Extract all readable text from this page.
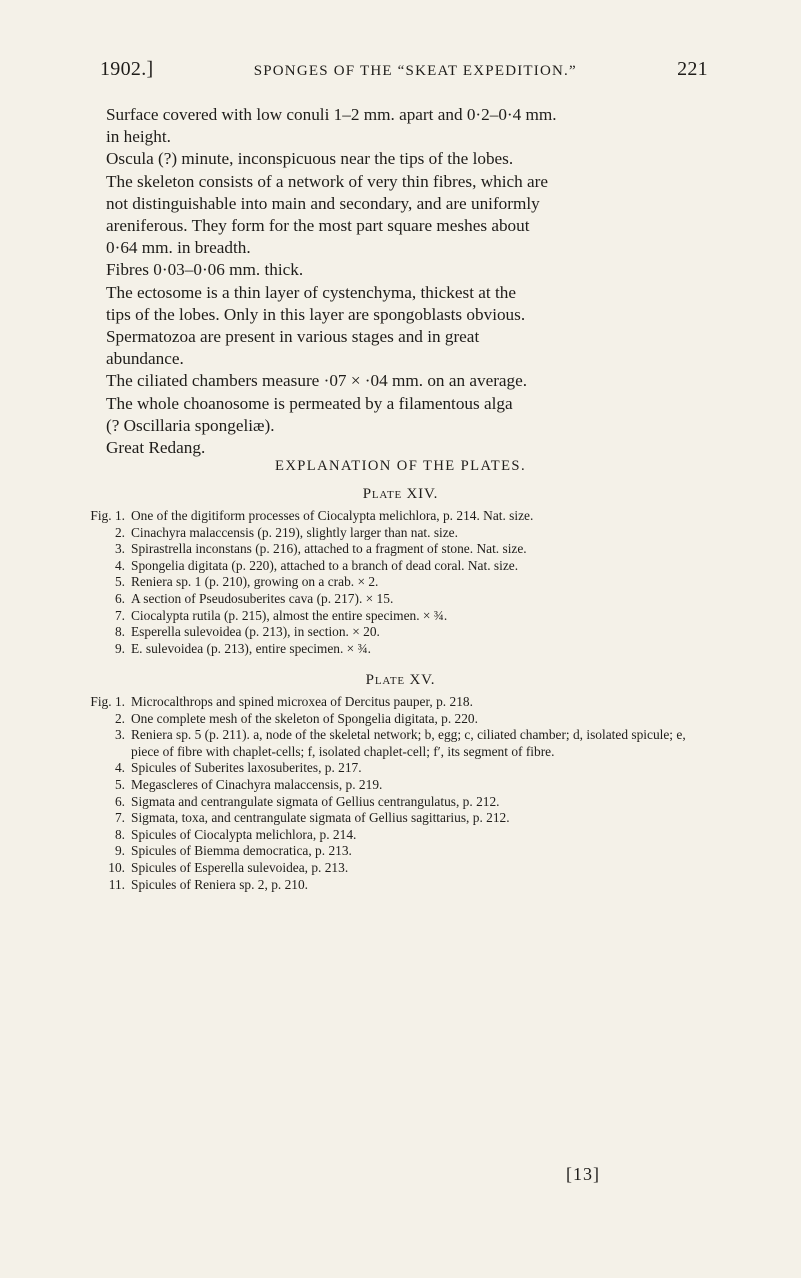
1902.]	SPONGES OF THE “SKEAT EXPEDITION.”	221

Surface covered with low conuli 1–2 mm. apart and 0·2–0·4 mm.

in height.

Oscula (?) minute, inconspicuous near the tips of the lobes.

The skeleton consists of a network of very thin fibres, which are

not distinguishable into main and secondary, and are uniformly

areniferous. They form for the most part square meshes about

0·64 mm. in breadth.

Fibres 0·03–0·06 mm. thick.

The ectosome is a thin layer of cystenchyma, thickest at the

tips of the lobes. Only in this layer are spongoblasts obvious.

Spermatozoa are present in various stages and in great

abundance.

The ciliated chambers measure ·07 × ·04 mm. on an average.

The whole choanosome is permeated by a filamentous alga

(? Oscillaria spongeliæ).

Great Redang.

EXPLANATION OF THE PLATES.
Plate XIV.
Fig. 1. One of the digitiform processes of Ciocalypta melichlora, p. 214. Nat. size.
2. Cinachyra malaccensis (p. 219), slightly larger than nat. size.
3. Spirastrella inconstans (p. 216), attached to a fragment of stone. Nat. size.
4. Spongelia digitata (p. 220), attached to a branch of dead coral. Nat. size.
5. Reniera sp. 1 (p. 210), growing on a crab. × 2.
6. A section of Pseudosuberites cava (p. 217). × 15.
7. Ciocalypta rutila (p. 215), almost the entire specimen. × ¾.
8. Esperella sulevoidea (p. 213), in section. × 20.
9. E. sulevoidea (p. 213), entire specimen. × ¾.
Plate XV.
Fig. 1. Microcalthrops and spined microxea of Dercitus pauper, p. 218.
2. One complete mesh of the skeleton of Spongelia digitata, p. 220.
3. Reniera sp. 5 (p. 211). a, node of the skeletal network; b, egg; c, ciliated chamber; d, isolated spicule; e, piece of fibre with chaplet-cells; f, isolated chaplet-cell; f′, its segment of fibre.
4. Spicules of Suberites laxosuberites, p. 217.
5. Megascleres of Cinachyra malaccensis, p. 219.
6. Sigmata and centrangulate sigmata of Gellius centrangulatus, p. 212.
7. Sigmata, toxa, and centrangulate sigmata of Gellius sagittarius, p. 212.
8. Spicules of Ciocalypta melichlora, p. 214.
9. Spicules of Biemma democratica, p. 213.
10. Spicules of Esperella sulevoidea, p. 213.
11. Spicules of Reniera sp. 2, p. 210.
[13]
